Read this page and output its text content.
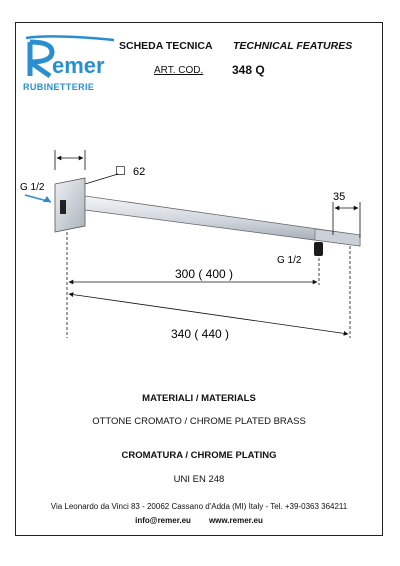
emer
RUBINETTERIE
SCHEDA TECNICA TECHNICAL FEATURES
ART. COD. 348 Q
☐ 62
G 1/2
G 1/2
35
300 ( 400 )
340 ( 440 )
MATERIALI / MATERIALS
OTTONE CROMATO / CHROME PLATED BRASS
CROMATURA / CHROME PLATING
UNI EN 248
Via Leonardo da Vinci 83 - 20062 Cassano d'Adda (MI) Italy - Tel. +39-0363 364211
info@remer.eu www.remer.eu
